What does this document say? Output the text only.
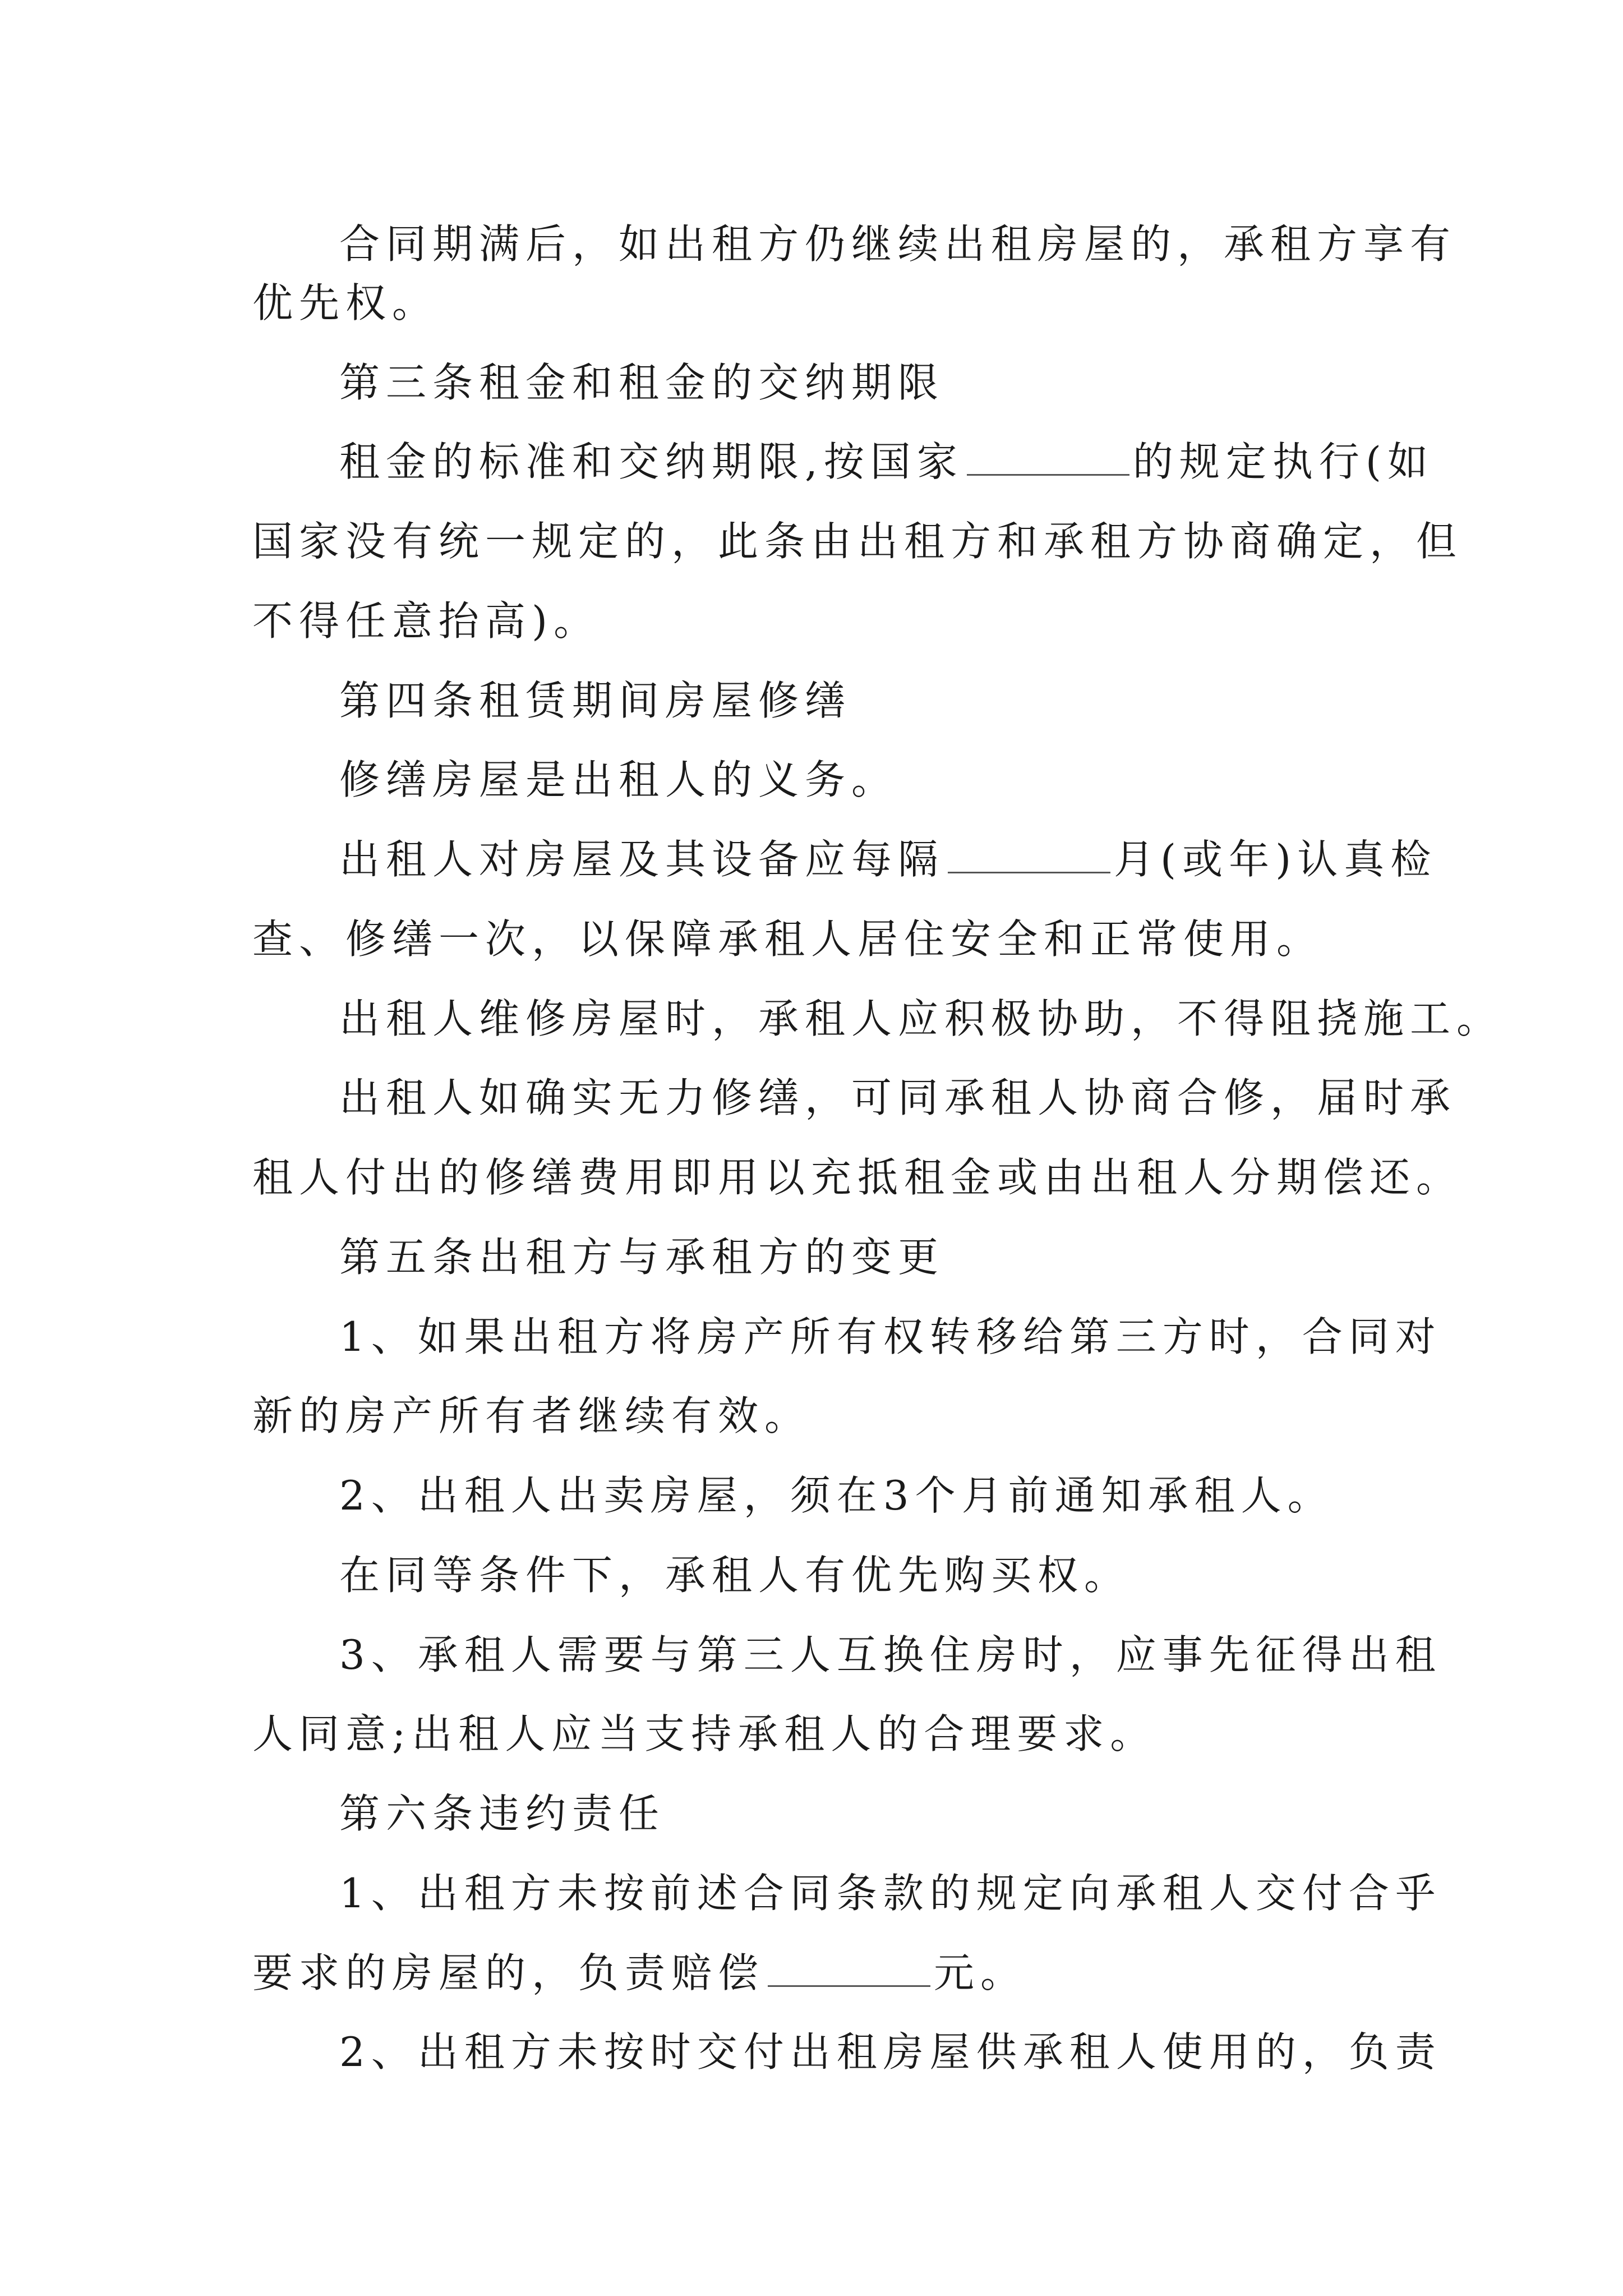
合同期满后，如出租方仍继续出租房屋的，承租方享有

优先权。

第三条租金和租金的交纳期限

租金的标准和交纳期限,按国家	的规定执行(如

国家没有统一规定的，此条由出租方和承租方协商确定，但

不得任意抬高)。

第四条租赁期间房屋修缮

修缮房屋是出租人的义务。

出租人对房屋及其设备应每隔	月(或年)认真检

查、修缮一次，以保障承租人居住安全和正常使用。

出租人维修房屋时，承租人应积极协助，不得阻挠施工。

出租人如确实无力修缮，可同承租人协商合修，届时承

租人付出的修缮费用即用以充抵租金或由出租人分期偿还。

第五条出租方与承租方的变更

1、如果出租方将房产所有权转移给第三方时，合同对

新的房产所有者继续有效。

2、出租人出卖房屋，须在3个月前通知承租人。

在同等条件下，承租人有优先购买权。

3、承租人需要与第三人互换住房时，应事先征得出租

人同意;出租人应当支持承租人的合理要求。

第六条违约责任

1、出租方未按前述合同条款的规定向承租人交付合乎

要求的房屋的，负责赔偿	元。

2、出租方未按时交付出租房屋供承租人使用的，负责
